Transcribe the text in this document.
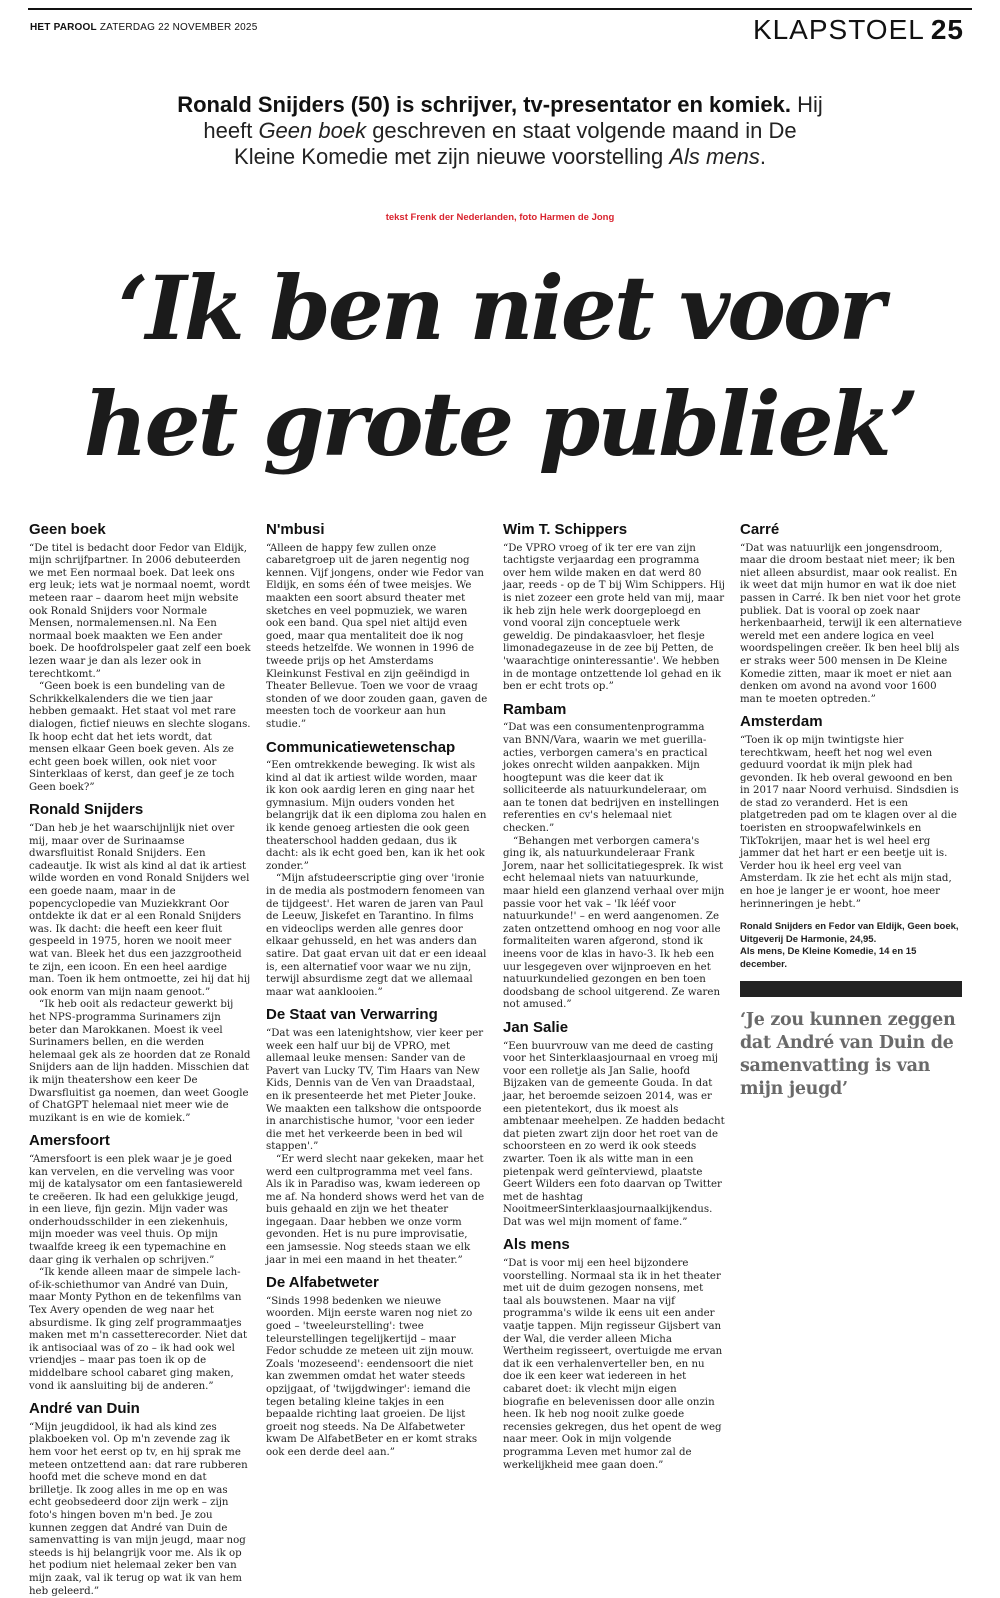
HET PAROOL ZATERDAG 22 NOVEMBER 2025	KLAPSTOEL 25
Ronald Snijders (50) is schrijver, tv-presentator en komiek. Hij heeft Geen boek geschreven en staat volgende maand in De Kleine Komedie met zijn nieuwe voorstelling Als mens.
tekst Frenk der Nederlanden, foto Harmen de Jong
‘Ik ben niet voor
het grote publiek’
Geen boek

“De titel is bedacht door Fedor van Eldijk, mijn schrijfpartner. In 2006 debuteerden we met Een normaal boek. Dat leek ons erg leuk; iets wat je normaal noemt, wordt meteen raar – daarom heet mijn website ook Ronald Snijders voor Normale Mensen, normalemensen.nl. Na Een normaal boek maakten we Een ander boek. De hoofdrolspeler gaat zelf een boek lezen waar je dan als lezer ook in terechtkomt.”

“Geen boek is een bundeling van de Schrikkelkalenders die we tien jaar hebben gemaakt. Het staat vol met rare dialogen, fictief nieuws en slechte slogans. Ik hoop echt dat het iets wordt, dat mensen elkaar Geen boek geven. Als ze echt geen boek willen, ook niet voor Sinterklaas of kerst, dan geef je ze toch Geen boek?”

Ronald Snijders

“Dan heb je het waarschijnlijk niet over mij, maar over de Surinaamse dwarsfluitist Ronald Snijders. Een cadeautje. Ik wist als kind al dat ik artiest wilde worden en vond Ronald Snijders wel een goede naam, maar in de popencyclopedie van Muziekkrant Oor ontdekte ik dat er al een Ronald Snijders was. Ik dacht: die heeft een keer fluit gespeeld in 1975, horen we nooit meer wat van. Bleek het dus een jazzgrootheid te zijn, een icoon. En een heel aardige man. Toen ik hem ontmoette, zei hij dat hij ook enorm van mijn naam genoot.”

“Ik heb ooit als redacteur gewerkt bij het NPS-programma Surinamers zijn beter dan Marokkanen. Moest ik veel Surinamers bellen, en die werden helemaal gek als ze hoorden dat ze Ronald Snijders aan de lijn hadden. Misschien dat ik mijn theatershow een keer De Dwarsfluitist ga noemen, dan weet Google of ChatGPT helemaal niet meer wie de muzikant is en wie de komiek.”

Amersfoort

“Amersfoort is een plek waar je je goed kan vervelen, en die verveling was voor mij de katalysator om een fantasiewereld te creëeren. Ik had een gelukkige jeugd, in een lieve, fijn gezin. Mijn vader was onderhoudsschilder in een ziekenhuis, mijn moeder was veel thuis. Op mijn twaalfde kreeg ik een typemachine en daar ging ik verhalen op schrijven.”

“Ik kende alleen maar de simpele lach-of-ik-schiethumor van André van Duin, maar Monty Python en de tekenfilms van Tex Avery openden de weg naar het absurdisme. Ik ging zelf programmaatjes maken met m'n cassetterecorder. Niet dat ik antisociaal was of zo – ik had ook wel vriendjes – maar pas toen ik op de middelbare school cabaret ging maken, vond ik aansluiting bij de anderen.”

André van Duin

“Mijn jeugdidool, ik had als kind zes plakboeken vol. Op m'n zevende zag ik hem voor het eerst op tv, en hij sprak me meteen ontzettend aan: dat rare rubberen hoofd met die scheve mond en dat brilletje. Ik zoog alles in me op en was echt geobsedeerd door zijn werk – zijn foto's hingen boven m'n bed. Je zou kunnen zeggen dat André van Duin de samenvatting is van mijn jeugd, maar nog steeds is hij belangrijk voor me. Als ik op het podium niet helemaal zeker ben van mijn zaak, val ik terug op wat ik van hem heb geleerd.”

N'mbusi

“Alleen de happy few zullen onze cabaretgroep uit de jaren negentig nog kennen. Vijf jongens, onder wie Fedor van Eldijk, en soms één of twee meisjes. We maakten een soort absurd theater met sketches en veel popmuziek, we waren ook een band. Qua spel niet altijd even goed, maar qua mentaliteit doe ik nog steeds hetzelfde. We wonnen in 1996 de tweede prijs op het Amsterdams Kleinkunst Festival en zijn geëindigd in Theater Bellevue. Toen we voor de vraag stonden of we door zouden gaan, gaven de meesten toch de voorkeur aan hun studie.”

Communicatiewetenschap

“Een omtrekkende beweging. Ik wist als kind al dat ik artiest wilde worden, maar ik kon ook aardig leren en ging naar het gymnasium. Mijn ouders vonden het belangrijk dat ik een diploma zou halen en ik kende genoeg artiesten die ook geen theaterschool hadden gedaan, dus ik dacht: als ik echt goed ben, kan ik het ook zonder.”

“Mijn afstudeerscriptie ging over 'ironie in de media als postmodern fenomeen van de tijdgeest'. Het waren de jaren van Paul de Leeuw, Jiskefet en Tarantino. In films en videoclips werden alle genres door elkaar gehusseld, en het was anders dan satire. Dat gaat ervan uit dat er een ideaal is, een alternatief voor waar we nu zijn, terwijl absurdisme zegt dat we allemaal maar wat aanklooien.”

De Staat van Verwarring

“Dat was een latenightshow, vier keer per week een half uur bij de VPRO, met allemaal leuke mensen: Sander van de Pavert van Lucky TV, Tim Haars van New Kids, Dennis van de Ven van Draadstaal, en ik presenteerde het met Pieter Jouke. We maakten een talkshow die ontspoorde in anarchistische humor, 'voor een ieder die met het verkeerde been in bed wil stappen'.”

“Er werd slecht naar gekeken, maar het werd een cultprogramma met veel fans. Als ik in Paradiso was, kwam iedereen op me af. Na honderd shows werd het van de buis gehaald en zijn we het theater ingegaan. Daar hebben we onze vorm gevonden. Het is nu pure improvisatie, een jamsessie. Nog steeds staan we elk jaar in mei een maand in het theater.”

De Alfabetweter

“Sinds 1998 bedenken we nieuwe woorden. Mijn eerste waren nog niet zo goed – 'tweeleurstelling': twee teleurstellingen tegelijkertijd – maar Fedor schudde ze meteen uit zijn mouw. Zoals 'mozeseend': eendensoort die niet kan zwemmen omdat het water steeds opzijgaat, of 'twijgdwinger': iemand die tegen betaling kleine takjes in een bepaalde richting laat groeien. De lijst groeit nog steeds. Na De Alfabetweter kwam De AlfabetBeter en er komt straks ook een derde deel aan.”

Wim T. Schippers

“De VPRO vroeg of ik ter ere van zijn tachtigste verjaardag een programma over hem wilde maken en dat werd 80 jaar, reeds - op de T bij Wim Schippers. Hij is niet zozeer een grote held van mij, maar ik heb zijn hele werk doorgeploegd en vond vooral zijn conceptuele werk geweldig. De pindakaasvloer, het flesje limonadegazeuse in de zee bij Petten, de 'waarachtige oninteressantie'. We hebben in de montage ontzettende lol gehad en ik ben er echt trots op.”

Rambam

“Dat was een consumentenprogramma van BNN/Vara, waarin we met guerilla-acties, verborgen camera's en practical jokes onrecht wilden aanpakken. Mijn hoogtepunt was die keer dat ik solliciteerde als natuurkundeleraar, om aan te tonen dat bedrijven en instellingen referenties en cv's helemaal niet checken.”

“Behangen met verborgen camera's ging ik, als natuurkundeleraar Frank Jorem, naar het sollicitatiegesprek. Ik wist echt helemaal niets van natuurkunde, maar hield een glanzend verhaal over mijn passie voor het vak – 'Ik lééf voor natuurkunde!' – en werd aangenomen. Ze zaten ontzettend omhoog en nog voor alle formaliteiten waren afgerond, stond ik ineens voor de klas in havo-3. Ik heb een uur lesgegeven over wijnproeven en het natuurkundelied gezongen en ben toen doodsbang de school uitgerend. Ze waren not amused.”

Jan Salie

“Een buurvrouw van me deed de casting voor het Sinterklaasjournaal en vroeg mij voor een rolletje als Jan Salie, hoofd Bijzaken van de gemeente Gouda. In dat jaar, het beroemde seizoen 2014, was er een pietentekort, dus ik moest als ambtenaar meehelpen. Ze hadden bedacht dat pieten zwart zijn door het roet van de schoorsteen en zo werd ik ook steeds zwarter. Toen ik als witte man in een pietenpak werd geïnterviewd, plaatste Geert Wilders een foto daarvan op Twitter met de hashtag NooitmeerSinterklaasjournaalkijkendus. Dat was wel mijn moment of fame.”

Als mens

“Dat is voor mij een heel bijzondere voorstelling. Normaal sta ik in het theater met uit de duim gezogen nonsens, met taal als bouwstenen. Maar na vijf programma's wilde ik eens uit een ander vaatje tappen. Mijn regisseur Gijsbert van der Wal, die verder alleen Micha Wertheim regisseert, overtuigde me ervan dat ik een verhalenverteller ben, en nu doe ik een keer wat iedereen in het cabaret doet: ik vlecht mijn eigen biografie en belevenissen door alle onzin heen. Ik heb nog nooit zulke goede recensies gekregen, dus het opent de weg naar meer. Ook in mijn volgende programma Leven met humor zal de werkelijkheid mee gaan doen.”

Carré

“Dat was natuurlijk een jongensdroom, maar die droom bestaat niet meer; ik ben niet alleen absurdist, maar ook realist. En ik weet dat mijn humor en wat ik doe niet passen in Carré. Ik ben niet voor het grote publiek. Dat is vooral op zoek naar herkenbaarheid, terwijl ik een alternatieve wereld met een andere logica en veel woordspelingen creëer. Ik ben heel blij als er straks weer 500 mensen in De Kleine Komedie zitten, maar ik moet er niet aan denken om avond na avond voor 1600 man te moeten optreden.”

Amsterdam

“Toen ik op mijn twintigste hier terechtkwam, heeft het nog wel even geduurd voordat ik mijn plek had gevonden. Ik heb overal gewoond en ben in 2017 naar Noord verhuisd. Sindsdien is de stad zo veranderd. Het is een platgetreden pad om te klagen over al die toeristen en stroopwafelwinkels en TikTokrijen, maar het is wel heel erg jammer dat het hart er een beetje uit is. Verder hou ik heel erg veel van Amsterdam. Ik zie het echt als mijn stad, en hoe je langer je er woont, hoe meer herinneringen je hebt.”

Ronald Snijders en Fedor van Eldijk, Geen boek, Uitgeverij De Harmonie, 24,95.
Als mens, De Kleine Komedie, 14 en 15 december.
‘Je zou kunnen zeggen dat André van Duin de samenvatting is van mijn jeugd’
